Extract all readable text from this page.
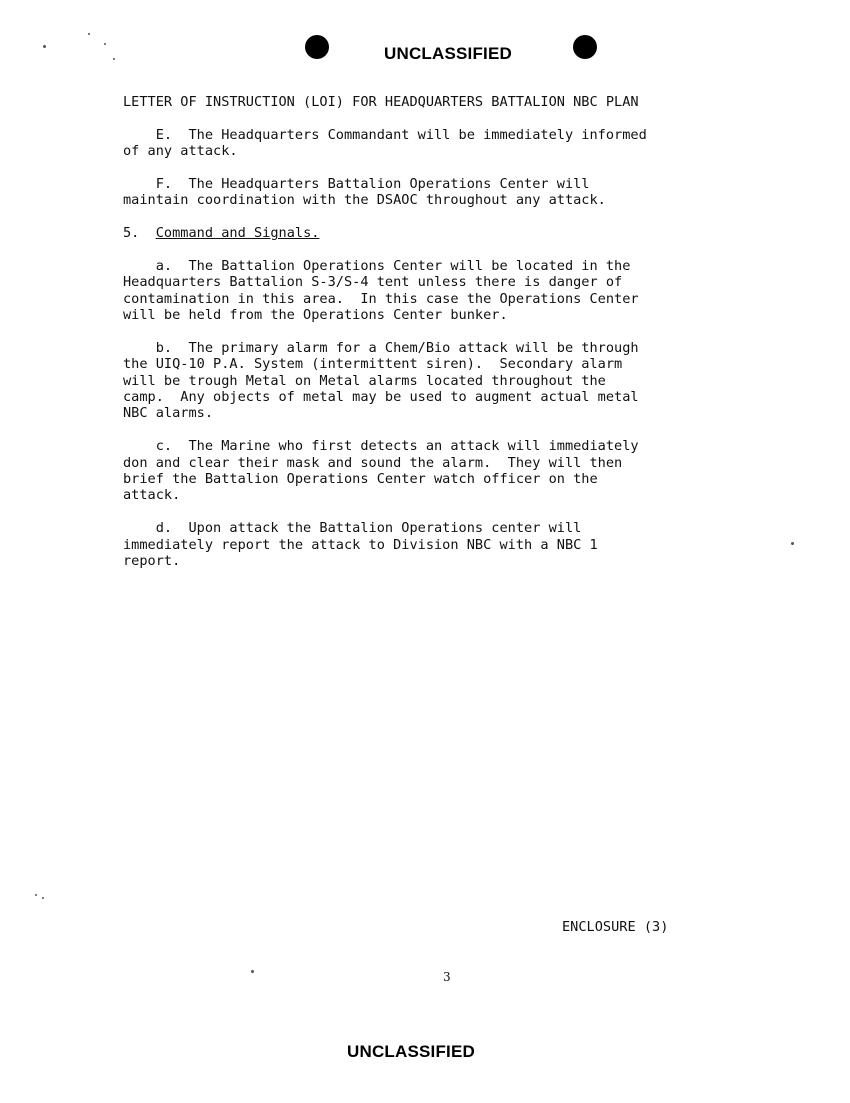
UNCLASSIFIED
LETTER OF INSTRUCTION (LOI) FOR HEADQUARTERS BATTALION NBC PLAN
E.  The Headquarters Commandant will be immediately informed
of any attack.
F.  The Headquarters Battalion Operations Center will
maintain coordination with the DSAOC throughout any attack.
5.  Command and Signals.
a.  The Battalion Operations Center will be located in the
Headquarters Battalion S-3/S-4 tent unless there is danger of
contamination in this area.  In this case the Operations Center
will be held from the Operations Center bunker.
b.  The primary alarm for a Chem/Bio attack will be through
the UIQ-10 P.A. System (intermittent siren).  Secondary alarm
will be trough Metal on Metal alarms located throughout the
camp.  Any objects of metal may be used to augment actual metal
NBC alarms.
c.  The Marine who first detects an attack will immediately
don and clear their mask and sound the alarm.  They will then
brief the Battalion Operations Center watch officer on the
attack.
d.  Upon attack the Battalion Operations center will
immediately report the attack to Division NBC with a NBC 1
report.
ENCLOSURE (3)
3
UNCLASSIFIED
